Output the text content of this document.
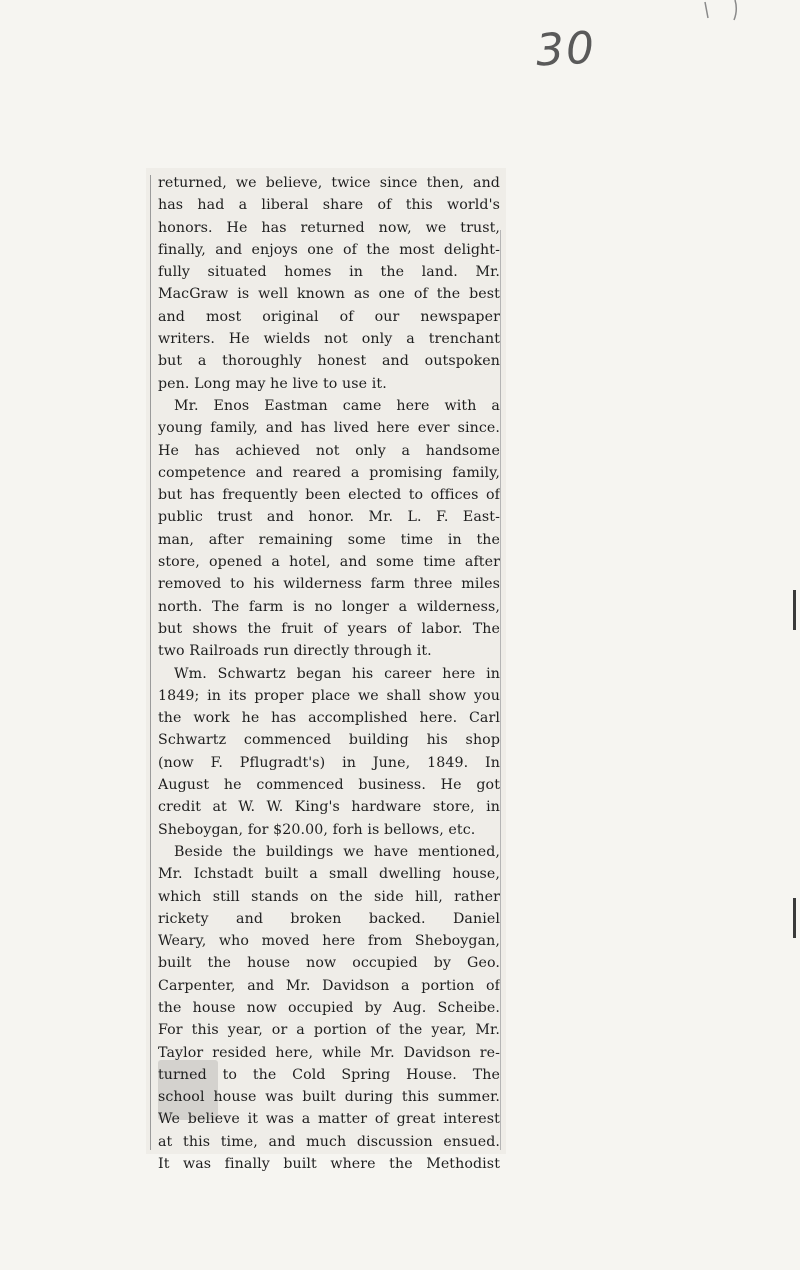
30
returned, we believe, twice since then, and
has had a liberal share of this world's
honors. He has returned now, we trust,
finally, and enjoys one of the most delight-
fully situated homes in the land. Mr.
MacGraw is well known as one of the best
and most original of our newspaper
writers. He wields not only a trenchant
but a thoroughly honest and outspoken
pen. Long may he live to use it.
Mr. Enos Eastman came here with a
young family, and has lived here ever since.
He has achieved not only a handsome
competence and reared a promising family,
but has frequently been elected to offices of
public trust and honor. Mr. L. F. East-
man, after remaining some time in the
store, opened a hotel, and some time after
removed to his wilderness farm three miles
north. The farm is no longer a wilderness,
but shows the fruit of years of labor. The
two Railroads run directly through it.
Wm. Schwartz began his career here in
1849; in its proper place we shall show you
the work he has accomplished here. Carl
Schwartz commenced building his shop
(now F. Pflugradt's) in June, 1849. In
August he commenced business. He got
credit at W. W. King's hardware store, in
Sheboygan, for $20.00, forh is bellows, etc.
Beside the buildings we have mentioned,
Mr. Ichstadt built a small dwelling house,
which still stands on the side hill, rather
rickety and broken backed. Daniel
Weary, who moved here from Sheboygan,
built the house now occupied by Geo.
Carpenter, and Mr. Davidson a portion of
the house now occupied by Aug. Scheibe.
For this year, or a portion of the year, Mr.
Taylor resided here, while Mr. Davidson re-
turned to the Cold Spring House. The
school house was built during this summer.
We believe it was a matter of great interest
at this time, and much discussion ensued.
It was finally built where the Methodist
